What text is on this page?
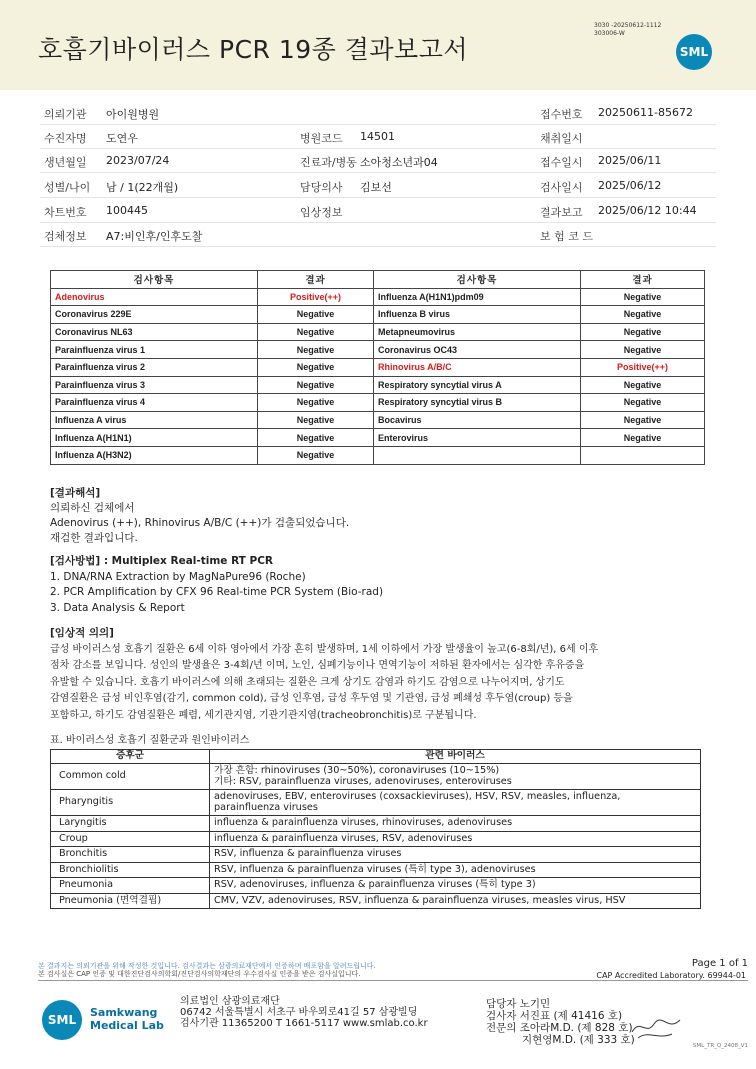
호흡기바이러스 PCR 19종 결과보고서
3030 -20250612-1112
303006-W
SML
의뢰기관 아이원병원	접수번호 20250611-85672
수진자명 도연우	병원코드 14501	채취일시
생년월일 2023/07/24	진료과/병동 소아청소년과04	접수일시 2025/06/11
성별/나이 남 / 1(22개월)	담당의사 김보선	검사일시 2025/06/12
차트번호 100445	임상정보	결과보고 2025/06/12 10:44
검체정보 A7:비인후/인후도찰	보 험 코 드
검사항목	결과	검사항목	결과
Adenovirus	Positive(++)	Influenza A(H1N1)pdm09	Negative
Coronavirus 229E	Negative	Influenza B virus	Negative
Coronavirus NL63	Negative	Metapneumovirus	Negative
Parainfluenza virus 1	Negative	Coronavirus OC43	Negative
Parainfluenza virus 2	Negative	Rhinovirus A/B/C	Positive(++)
Parainfluenza virus 3	Negative	Respiratory syncytial virus A	Negative
Parainfluenza virus 4	Negative	Respiratory syncytial virus B	Negative
Influenza A virus	Negative	Bocavirus	Negative
Influenza A(H1N1)	Negative	Enterovirus	Negative
Influenza A(H3N2)	Negative		
[결과해석]
의뢰하신 검체에서
Adenovirus (++), Rhinovirus A/B/C (++)가 검출되었습니다.
재검한 결과입니다.
[검사방법] : Multiplex Real-time RT PCR
1. DNA/RNA Extraction by MagNaPure96 (Roche)
2. PCR Amplification by CFX 96 Real-time PCR System (Bio-rad)
3. Data Analysis & Report
[임상적 의의]
급성 바이러스성 호흡기 질환은 6세 이하 영아에서 가장 흔히 발생하며, 1세 이하에서 가장 발생율이 높고(6-8회/년), 6세 이후
점차 감소를 보입니다. 성인의 발생율은 3-4회/년 이며, 노인, 심폐기능이나 면역기능이 저하된 환자에서는 심각한 후유증을
유발할 수 있습니다. 호흡기 바이러스에 의해 초래되는 질환은 크게 상기도 감염과 하기도 감염으로 나누어지며, 상기도
감염질환은 급성 비인후염(감기, common cold), 급성 인후염, 급성 후두염 및 기관염, 급성 폐쇄성 후두염(croup) 등을
포함하고, 하기도 감염질환은 폐렴, 세기관지염, 기관기관지염(tracheobronchitis)로 구분됩니다.
표. 바이러스성 호흡기 질환군과 원인바이러스
증후군	관련 바이러스
Common cold	가장 흔함: rhinoviruses (30~50%), coronaviruses (10~15%)
기타: RSV, parainfluenza viruses, adenoviruses, enteroviruses

Pharyngitis	adenoviruses, EBV, enteroviruses (coxsackieviruses), HSV, RSV, measles, influenza,
parainfluenza viruses

Laryngitis	influenza & parainfluenza viruses, rhinoviruses, adenoviruses

Croup	influenza & parainfluenza viruses, RSV, adenoviruses

Bronchitis	RSV, influenza & parainfluenza viruses

Bronchiolitis	RSV, influenza & parainfluenza viruses (특히 type 3), adenoviruses

Pneumonia	RSV, adenoviruses, influenza & parainfluenza viruses (특히 type 3)

Pneumonia (면역결핍)	CMV, VZV, adenoviruses, RSV, influenza & parainfluenza viruses, measles virus, HSV
본 결과지는 의뢰기관을 위해 작성한 것입니다. 검사결과는 삼광의료재단에서 인증하며 배포함을 알려드립니다.
본 검사실은 CAP 인증 및 대한진단검사의학회/진단검사의학재단의 우수검사실 인증을 받은 검사실입니다.
Page 1 of 1
CAP Accredited Laboratory. 69944-01
SML
Samkwang
Medical Lab
의료법인 삼광의료재단
06742 서울특별시 서초구 바우뫼로41길 57 삼광빌딩
검사기관 11365200 T 1661-5117 www.smlab.co.kr
담당자 노기민
검사자 서진표 (제 41416 호)
전문의 조아라M.D. (제 828 호)
지현영M.D. (제 333 호)	SML_TR_Q_2408_V1
